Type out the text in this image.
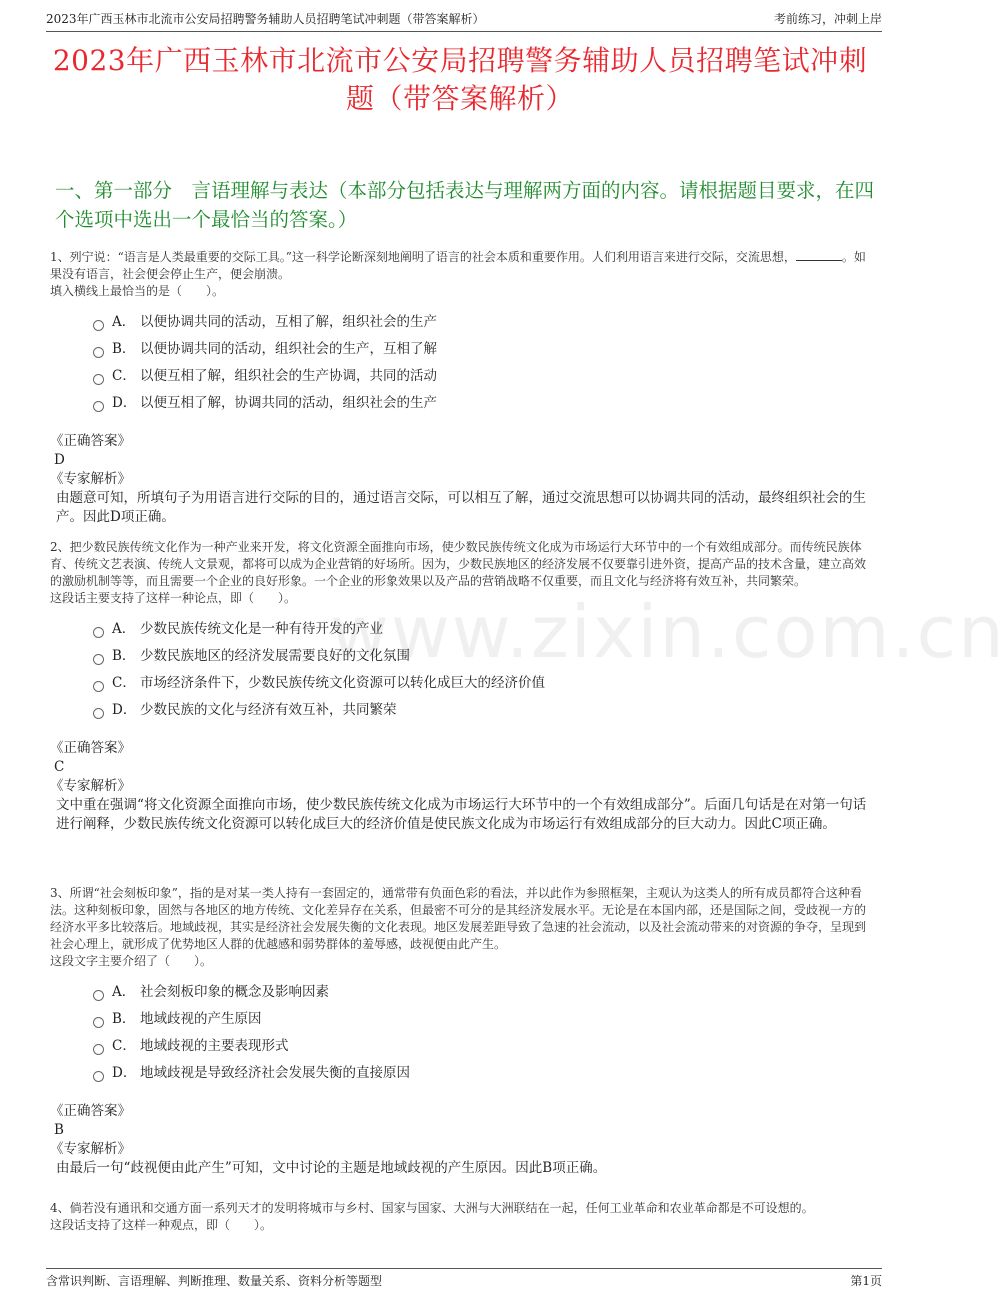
2023年广西玉林市北流市公安局招聘警务辅助人员招聘笔试冲刺题（带答案解析）	考前练习，冲刺上岸
2023年广西玉林市北流市公安局招聘警务辅助人员招聘笔试冲刺题（带答案解析）
一、第一部分　言语理解与表达（本部分包括表达与理解两方面的内容。请根据题目要求，在四个选项中选出一个最恰当的答案。）
www.zixin.com.cn
1、列宁说：“语言是人类最重要的交际工具。”这一科学论断深刻地阐明了语言的社会本质和重要作用。人们利用语言来进行交际，交流思想，	。如果没有语言，社会便会停止生产，便会崩溃。
填入横线上最恰当的是（　　）。
A． 以便协调共同的活动，互相了解，组织社会的生产
B． 以便协调共同的活动，组织社会的生产，互相了解
C． 以便互相了解，组织社会的生产协调，共同的活动
D． 以便互相了解，协调共同的活动，组织社会的生产
《正确答案》
D
《专家解析》
由题意可知，所填句子为用语言进行交际的目的，通过语言交际，可以相互了解，通过交流思想可以协调共同的活动，最终组织社会的生产。因此D项正确。
2、把少数民族传统文化作为一种产业来开发，将文化资源全面推向市场，使少数民族传统文化成为市场运行大环节中的一个有效组成部分。而传统民族体育、传统文艺表演、传统人文景观，都将可以成为企业营销的好场所。因为，少数民族地区的经济发展不仅要靠引进外资，提高产品的技术含量，建立高效的激励机制等等，而且需要一个企业的良好形象。一个企业的形象效果以及产品的营销战略不仅重要，而且文化与经济将有效互补，共同繁荣。
这段话主要支持了这样一种论点，即（　　）。
A． 少数民族传统文化是一种有待开发的产业
B． 少数民族地区的经济发展需要良好的文化氛围
C． 市场经济条件下，少数民族传统文化资源可以转化成巨大的经济价值
D． 少数民族的文化与经济有效互补，共同繁荣
《正确答案》
C
《专家解析》
文中重在强调“将文化资源全面推向市场，使少数民族传统文化成为市场运行大环节中的一个有效组成部分”。后面几句话是在对第一句话进行阐释，少数民族传统文化资源可以转化成巨大的经济价值是使民族文化成为市场运行有效组成部分的巨大动力。因此C项正确。
3、所谓“社会刻板印象”，指的是对某一类人持有一套固定的，通常带有负面色彩的看法，并以此作为参照框架，主观认为这类人的所有成员都符合这种看法。这种刻板印象，固然与各地区的地方传统、文化差异存在关系，但最密不可分的是其经济发展水平。无论是在本国内部，还是国际之间，受歧视一方的经济水平多比较落后。地域歧视，其实是经济社会发展失衡的文化表现。地区发展差距导致了急速的社会流动，以及社会流动带来的对资源的争夺，呈现到社会心理上，就形成了优势地区人群的优越感和弱势群体的羞辱感，歧视便由此产生。
这段文字主要介绍了（　　）。
A． 社会刻板印象的概念及影响因素
B． 地域歧视的产生原因
C． 地域歧视的主要表现形式
D． 地域歧视是导致经济社会发展失衡的直接原因
《正确答案》
B
《专家解析》
由最后一句“歧视便由此产生”可知，文中讨论的主题是地域歧视的产生原因。因此B项正确。
4、倘若没有通讯和交通方面一系列天才的发明将城市与乡村、国家与国家、大洲与大洲联结在一起，任何工业革命和农业革命都是不可设想的。
这段话支持了这样一种观点，即（　　）。
含常识判断、言语理解、判断推理、数量关系、资料分析等题型	第1页
